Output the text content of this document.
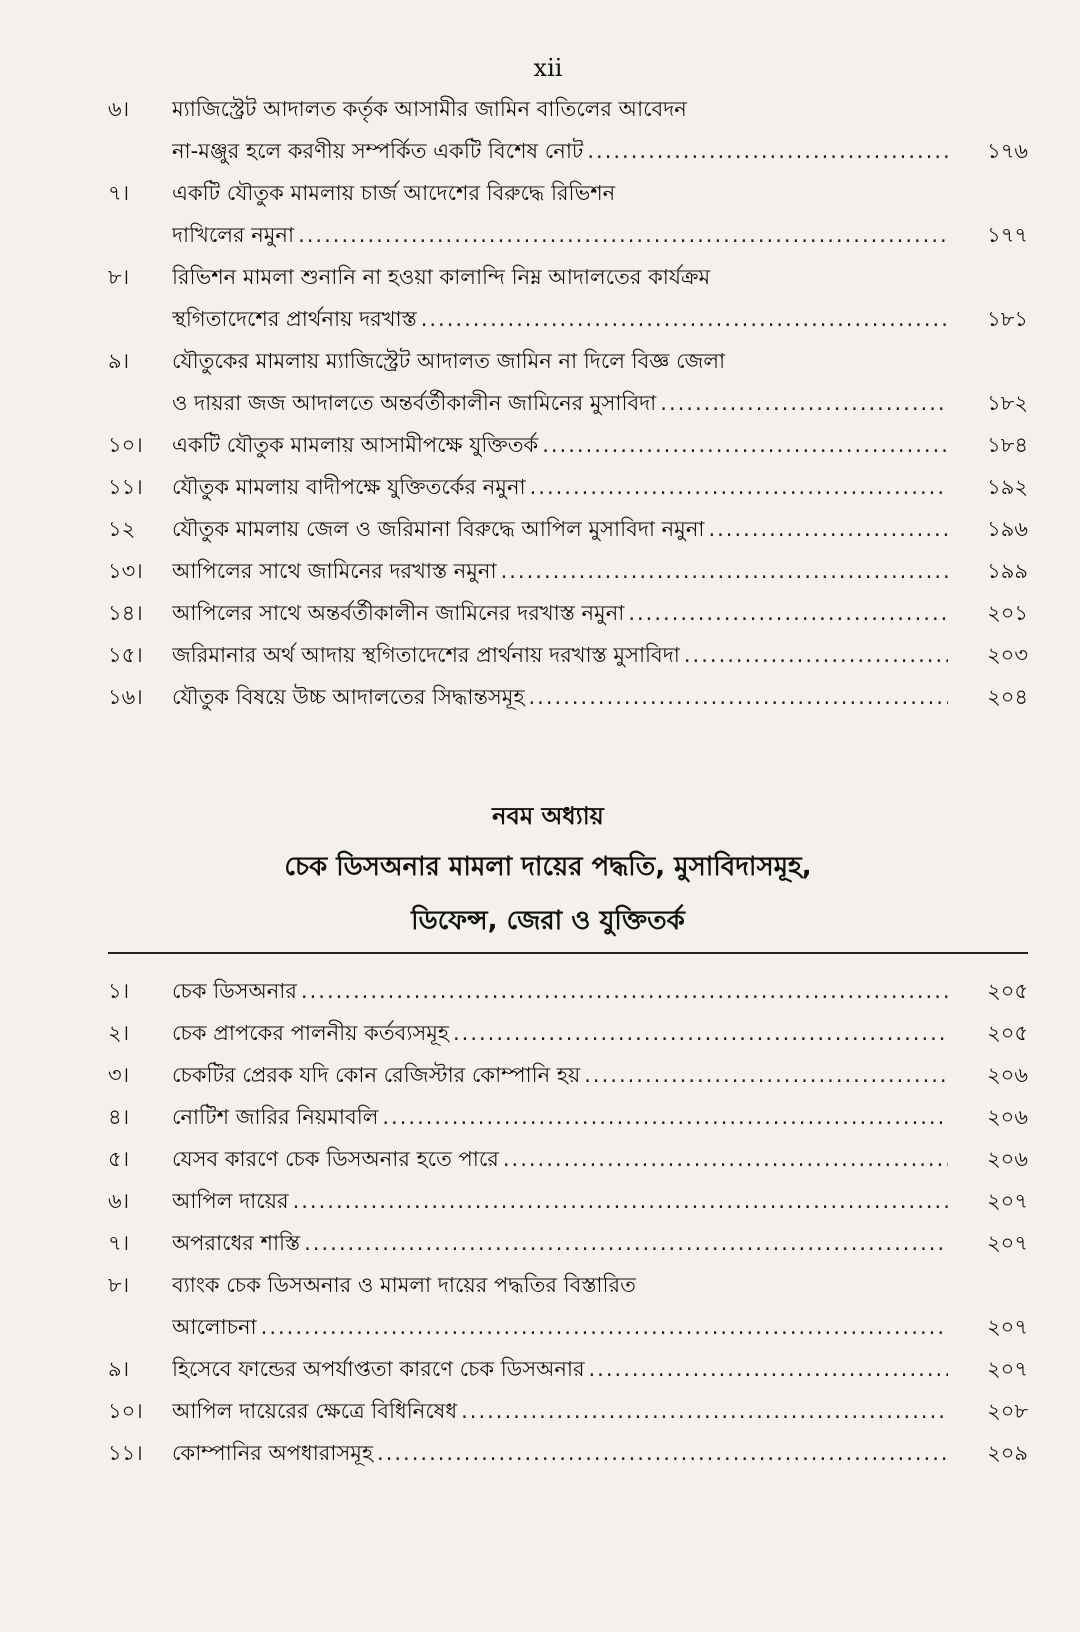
xii
৬।	ম্যাজিস্ট্রেট আদালত কর্তৃক আসামীর জামিন বাতিলের আবেদন
না-মঞ্জুর হলে করণীয় সম্পর্কিত একটি বিশেষ নোট .....	১৭৬
৭।	একটি যৌতুক মামলায় চার্জ আদেশের বিরুদ্ধে রিভিশন
দাখিলের নমুনা .....	১৭৭
৮।	রিভিশন মামলা শুনানি না হওয়া কালান্দি নিম্ন আদালতের কার্যক্রম
স্থগিতাদেশের প্রার্থনায় দরখাস্ত .....	১৮১
৯।	যৌতুকের মামলায় ম্যাজিস্ট্রেট আদালত জামিন না দিলে বিজ্ঞ জেলা
ও দায়রা জজ আদালতে অন্তর্বর্তীকালীন জামিনের মুসাবিদা .....	১৮২
১০।	একটি যৌতুক মামলায় আসামীপক্ষে যুক্তিতর্ক .....	১৮৪
১১।	যৌতুক মামলায় বাদীপক্ষে যুক্তিতর্কের নমুনা .....	১৯২
১২	যৌতুক মামলায় জেল ও জরিমানা বিরুদ্ধে আপিল মুসাবিদা নমুনা .....	১৯৬
১৩।	আপিলের সাথে জামিনের দরখাস্ত নমুনা .....	১৯৯
১৪।	আপিলের সাথে অন্তর্বর্তীকালীন জামিনের দরখাস্ত নমুনা .....	২০১
১৫।	জরিমানার অর্থ আদায় স্থগিতাদেশের প্রার্থনায় দরখাস্ত মুসাবিদা .....	২০৩
১৬।	যৌতুক বিষয়ে উচ্চ আদালতের সিদ্ধান্তসমূহ .....	২০৪
নবম অধ্যায়
চেক ডিসঅনার মামলা দায়ের পদ্ধতি, মুসাবিদাসমূহ,
ডিফেন্স, জেরা ও যুক্তিতর্ক
১।	চেক ডিসঅনার .....	২০৫
২।	চেক প্রাপকের পালনীয় কর্তব্যসমূহ .....	২০৫
৩।	চেকটির প্রেরক যদি কোন রেজিস্টার কোম্পানি হয় .....	২০৬
৪।	নোটিশ জারির নিয়মাবলি .....	২০৬
৫।	যেসব কারণে চেক ডিসঅনার হতে পারে .....	২০৬
৬।	আপিল দায়ের .....	২০৭
৭।	অপরাধের শাস্তি .....	২০৭
৮।	ব্যাংক চেক ডিসঅনার ও মামলা দায়ের পদ্ধতির বিস্তারিত
আলোচনা .....	২০৭
৯।	হিসেবে ফান্ডের অপর্যাপ্ততা কারণে চেক ডিসঅনার .....	২০৭
১০।	আপিল দায়েরের ক্ষেত্রে বিধিনিষেধ .....	২০৮
১১।	কোম্পানির অপধারাসমূহ .....	২০৯
